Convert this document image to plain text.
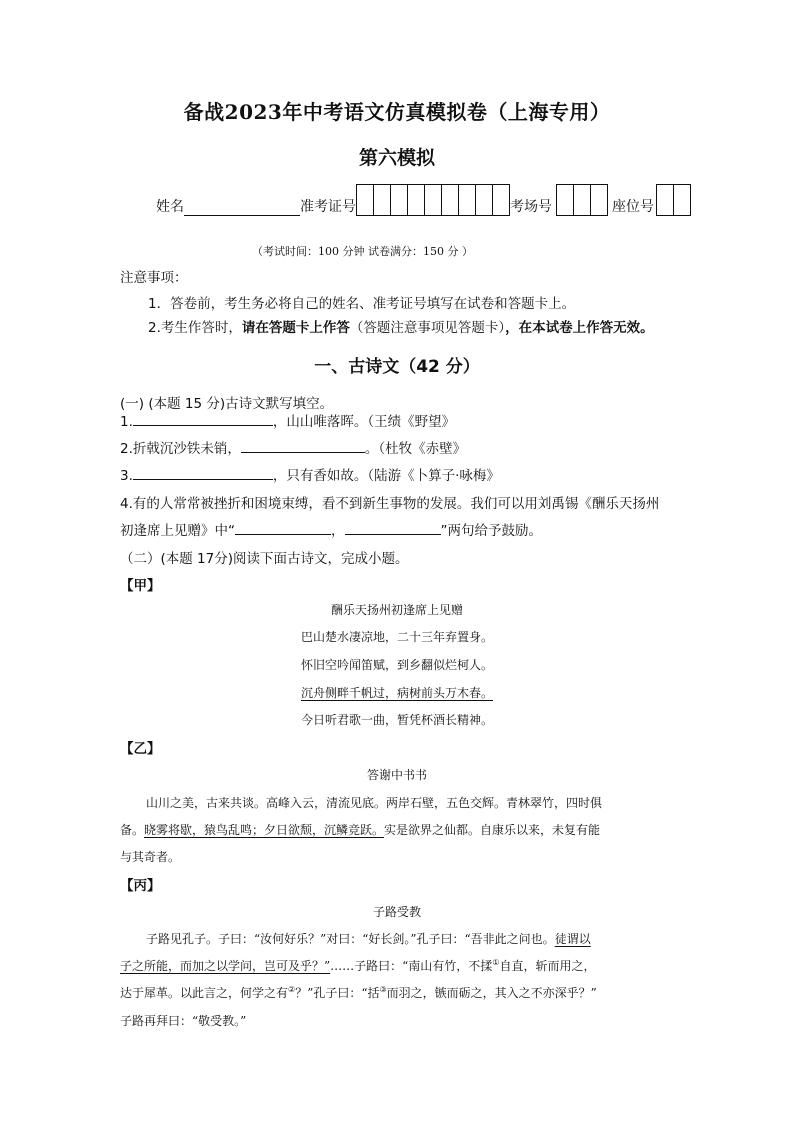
备战2023年中考语文仿真模拟卷（上海专用）
第六模拟
姓名	准考证号	考场号	座位号
（考试时间：100 分钟 试卷满分：150 分 ）
注意事项：
1．答卷前，考生务必将自己的姓名、准考证号填写在试卷和答题卡上。
2.考生作答时，请在答题卡上作答（答题注意事项见答题卡），在本试卷上作答无效。
一、古诗文（42 分）
(一) (本题 15 分)古诗文默写填空。
1.	，山山唯落晖。（王绩《野望》
2.折戟沉沙铁未销，	。（杜牧《赤壁》
3.	，只有香如故。（陆游《卜算子·咏梅》
4.有的人常常被挫折和困境束缚，看不到新生事物的发展。我们可以用刘禹锡《酬乐天扬州
初逢席上见赠》中“	，	”两句给予鼓励。
（二）(本题 17分)阅读下面古诗文，完成小题。
【甲】
酬乐天扬州初逢席上见赠
巴山楚水凄凉地，二十三年弃置身。
怀旧空吟闻笛赋，到乡翻似烂柯人。
沉舟侧畔千帆过，病树前头万木春。
今日听君歌一曲，暂凭杯酒长精神。
【乙】
答谢中书书
山川之美，古来共谈。高峰入云，清流见底。两岸石壁，五色交辉。青林翠竹，四时俱
备。晓雾将歇，猿鸟乱鸣；夕日欲颓，沉鳞竞跃。实是欲界之仙都。自康乐以来，未复有能
与其奇者。
【丙】
子路受教
子路见孔子。子曰：“汝何好乐？”对曰：“好长剑。”孔子曰：“吾非此之问也。徒谓以
子之所能，而加之以学问，岂可及乎？”……子路曰：“南山有竹，不揉①自直，斩而用之，
达于犀革。以此言之，何学之有②？”孔子曰：“括③而羽之，镞而砺之，其入之不亦深乎？”
子路再拜曰：“敬受教。”
